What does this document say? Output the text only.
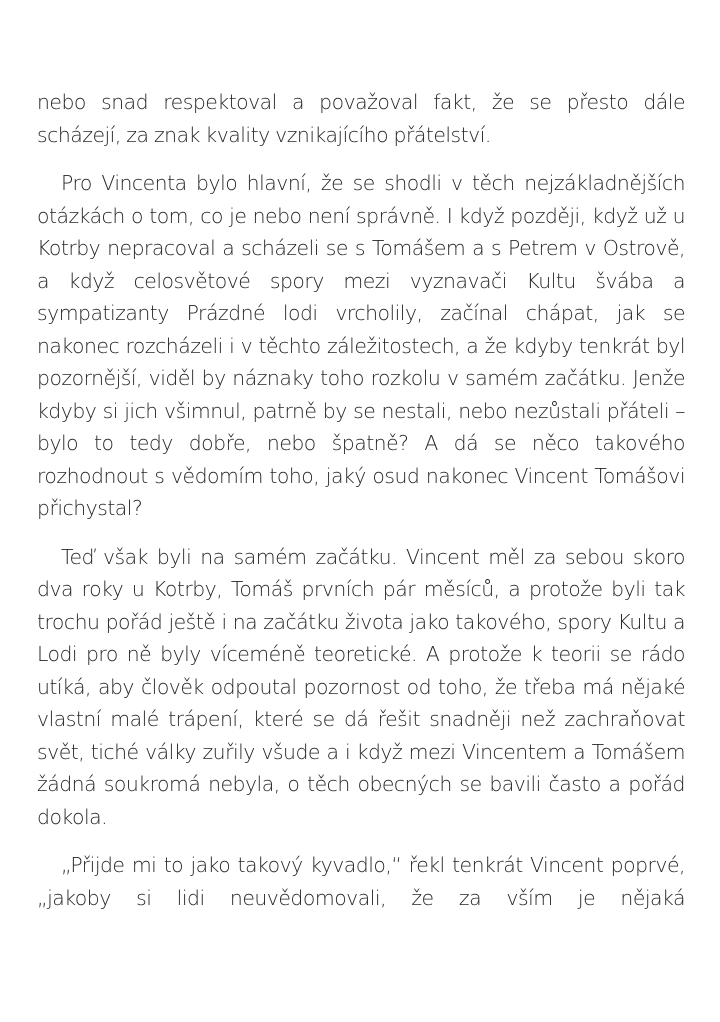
nebo snad respektoval a považoval fakt, že se přesto dále scházejí, za znak kvality vznikajícího přátelství.

Pro Vincenta bylo hlavní, že se shodli v těch nejzákladnějších otázkách o tom, co je nebo není správně. I když později, když už u Kotrby nepracoval a scházeli se s Tomášem a s Petrem v Ostrově, a když celosvětové spory mezi vyznavači Kultu švába a sympatizanty Prázdné lodi vrcholily, začínal chápat, jak se nakonec rozcházeli i v těchto záležitostech, a že kdyby tenkrát byl pozornější, viděl by náznaky toho rozkolu v samém začátku. Jenže kdyby si jich všimnul, patrně by se nestali, nebo nezůstali přáteli – bylo to tedy dobře, nebo špatně? A dá se něco takového rozhodnout s vědomím toho, jaký osud nakonec Vincent Tomášovi přichystal?

Teď však byli na samém začátku. Vincent měl za sebou skoro dva roky u Kotrby, Tomáš prvních pár měsíců, a protože byli tak trochu pořád ještě i na začátku života jako takového, spory Kultu a Lodi pro ně byly víceméně teoretické. A protože k teorii se rádo utíká, aby člověk odpoutal pozornost od toho, že třeba má nějaké vlastní malé trápení, které se dá řešit snadněji než zachraňovat svět, tiché války zuřily všude a i když mezi Vincentem a Tomášem žádná soukromá nebyla, o těch obecných se bavili často a pořád dokola.

„Přijde mi to jako takový kyvadlo,“ řekl tenkrát Vincent poprvé, „jakoby si lidi neuvědomovali, že za vším je nějaká
